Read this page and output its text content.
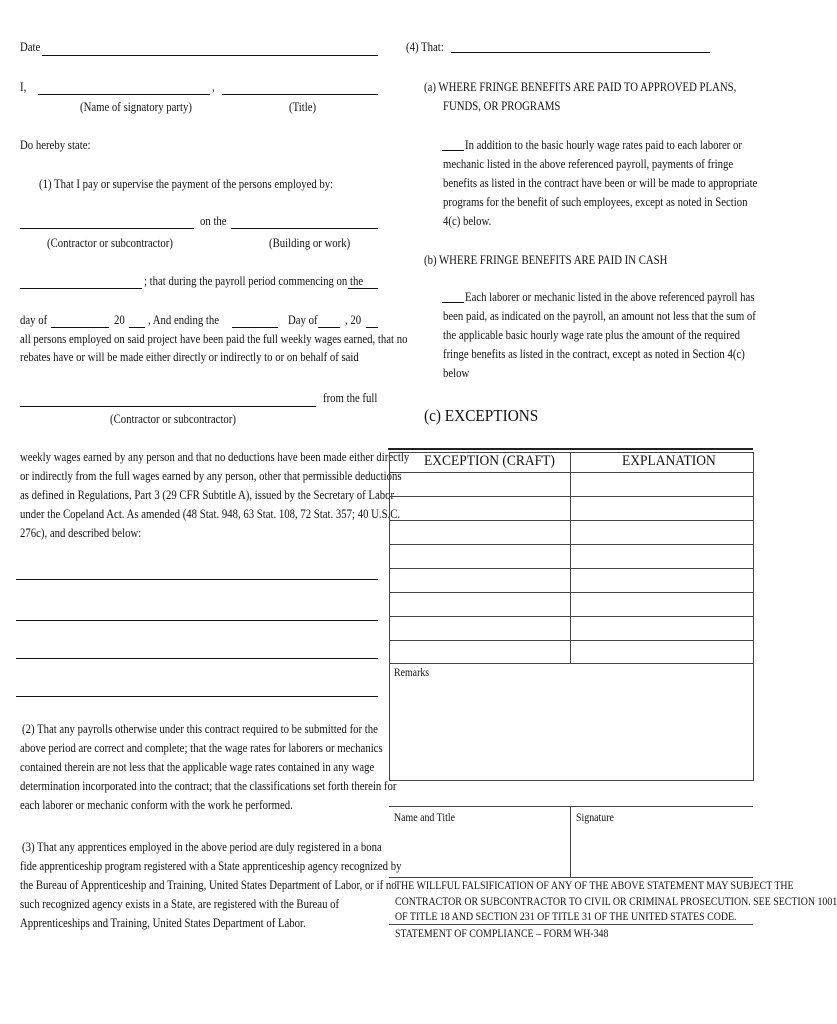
Date
I,	,
(Name of signatory party)	(Title)
Do hereby state:
(1) That I pay or supervise the payment of the persons employed by:
on the
(Contractor or subcontractor)	(Building or work)
; that during the payroll period commencing on the
day of	20 , And ending the	Day of , 20
all persons employed on said project have been paid the full weekly wages earned, that no
rebates have or will be made either directly or indirectly to or on behalf of said
from the full
(Contractor or subcontractor)
weekly wages earned by any person and that no deductions have been made either directly
or indirectly from the full wages earned by any person, other that permissible deductions
as defined in Regulations, Part 3 (29 CFR Subtitle A), issued by the Secretary of Labor
under the Copeland Act. As amended (48 Stat. 948, 63 Stat. 108, 72 Stat. 357; 40 U.S.C.
276c), and described below:
(2) That any payrolls otherwise under this contract required to be submitted for the
above period are correct and complete; that the wage rates for laborers or mechanics
contained therein are not less that the applicable wage rates contained in any wage
determination incorporated into the contract; that the classifications set forth therein for
each laborer or mechanic conform with the work he performed.
(3) That any apprentices employed in the above period are duly registered in a bona
fide apprenticeship program registered with a State apprenticeship agency recognized by
the Bureau of Apprenticeship and Training, United States Department of Labor, or if no
such recognized agency exists in a State, are registered with the Bureau of
Apprenticeships and Training, United States Department of Labor.
(4) That:
(a) WHERE FRINGE BENEFITS ARE PAID TO APPROVED PLANS,
FUNDS, OR PROGRAMS
In addition to the basic hourly wage rates paid to each laborer or
mechanic listed in the above referenced payroll, payments of fringe
benefits as listed in the contract have been or will be made to appropriate
programs for the benefit of such employees, except as noted in Section
4(c) below.
(b) WHERE FRINGE BENEFITS ARE PAID IN CASH
Each laborer or mechanic listed in the above referenced payroll has
been paid, as indicated on the payroll, an amount not less that the sum of
the applicable basic hourly wage rate plus the amount of the required
fringe benefits as listed in the contract, except as noted in Section 4(c)
below
(c) EXCEPTIONS
EXCEPTION (CRAFT)	EXPLANATION
Remarks
Name and Title	Signature
THE WILLFUL FALSIFICATION OF ANY OF THE ABOVE STATEMENT MAY SUBJECT THE
CONTRACTOR OR SUBCONTRACTOR TO CIVIL OR CRIMINAL PROSECUTION. SEE SECTION 1001
OF TITLE 18 AND SECTION 231 OF TITLE 31 OF THE UNITED STATES CODE.
STATEMENT OF COMPLIANCE – FORM WH-348
